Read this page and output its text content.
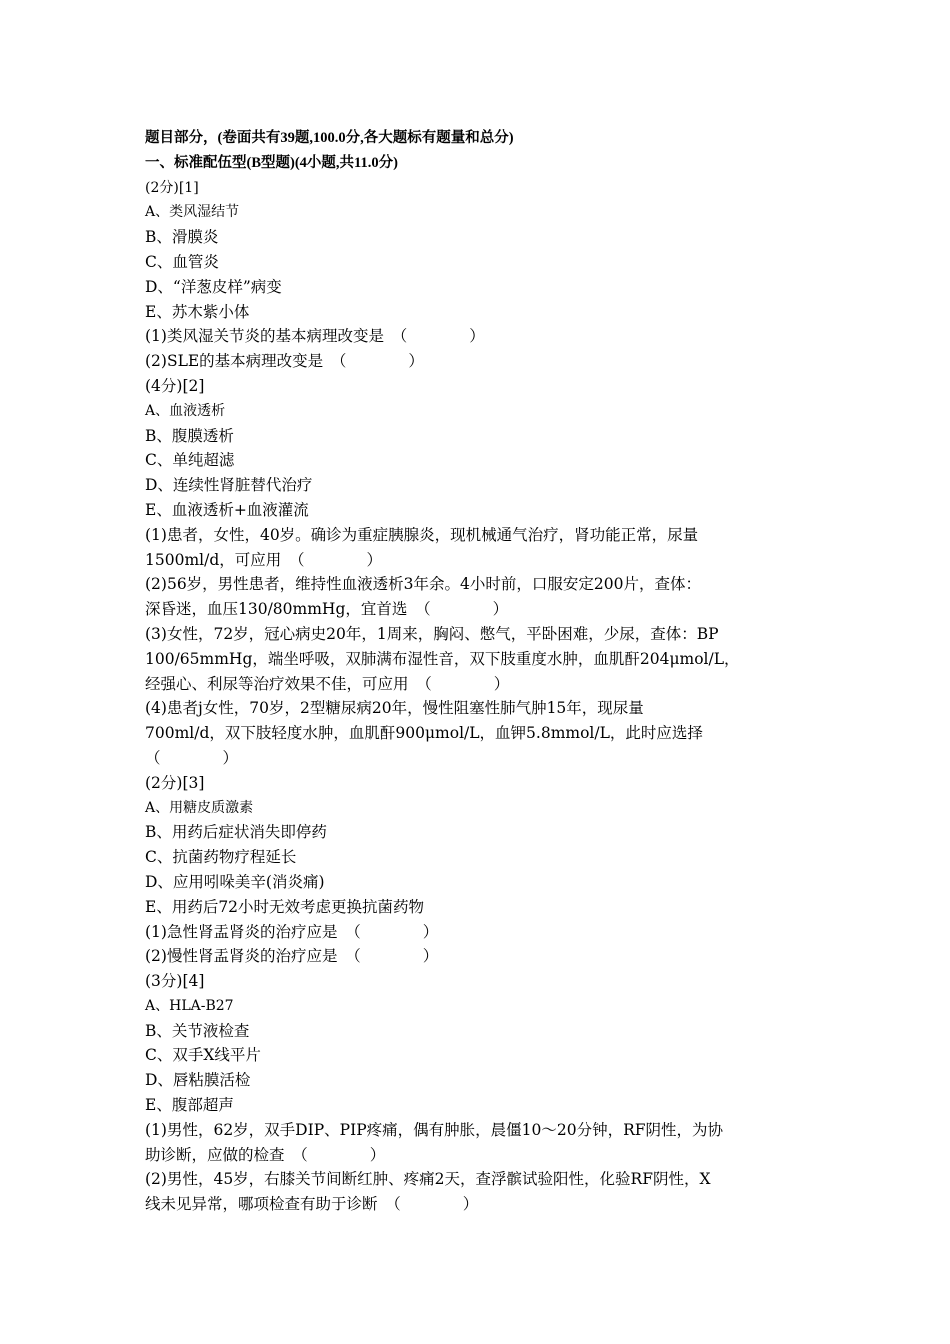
题目部分，(卷面共有39题,100.0分,各大题标有题量和总分)
一、标准配伍型(B型题)(4小题,共11.0分)
(2分)[1]
A、类风湿结节
B、滑膜炎
C、血管炎
D、“洋葱皮样”病变
E、苏木紫小体
(1)类风湿关节炎的基本病理改变是　（　　　　）
(2)SLE的基本病理改变是　（　　　　）
(4分)[2]
A、血液透析
B、腹膜透析
C、单纯超滤
D、连续性肾脏替代治疗
E、血液透析+血液灌流
(1)患者，女性，40岁。确诊为重症胰腺炎，现机械通气治疗，肾功能正常，尿量
1500ml/d，可应用　（　　　　）
(2)56岁，男性患者，维持性血液透析3年余。4小时前，口服安定200片，查体：
深昏迷，血压130/80mmHg，宜首选　（　　　　）
(3)女性，72岁，冠心病史20年，1周来，胸闷、憋气，平卧困难，少尿，查体：BP
100/65mmHg，端坐呼吸，双肺满布湿性音，双下肢重度水肿，血肌酐204μmol/L，
经强心、利尿等治疗效果不佳，可应用　（　　　　）
(4)患者j女性，70岁，2型糖尿病20年，慢性阻塞性肺气肿15年，现尿量
700ml/d，双下肢轻度水肿，血肌酐900μmol/L，血钾5.8mmol/L，此时应选择
（　　　　）
(2分)[3]
A、用糖皮质激素
B、用药后症状消失即停药
C、抗菌药物疗程延长
D、应用吲哚美辛(消炎痛)
E、用药后72小时无效考虑更换抗菌药物
(1)急性肾盂肾炎的治疗应是　（　　　　）
(2)慢性肾盂肾炎的治疗应是　（　　　　）
(3分)[4]
A、HLA-B27
B、关节液检查
C、双手X线平片
D、唇粘膜活检
E、腹部超声
(1)男性，62岁，双手DIP、PIP疼痛，偶有肿胀，晨僵10～20分钟，RF阴性，为协
助诊断，应做的检查　（　　　　）
(2)男性，45岁，右膝关节间断红肿、疼痛2天，查浮髌试验阳性，化验RF阴性，X
线未见异常，哪项检查有助于诊断　（　　　　）
